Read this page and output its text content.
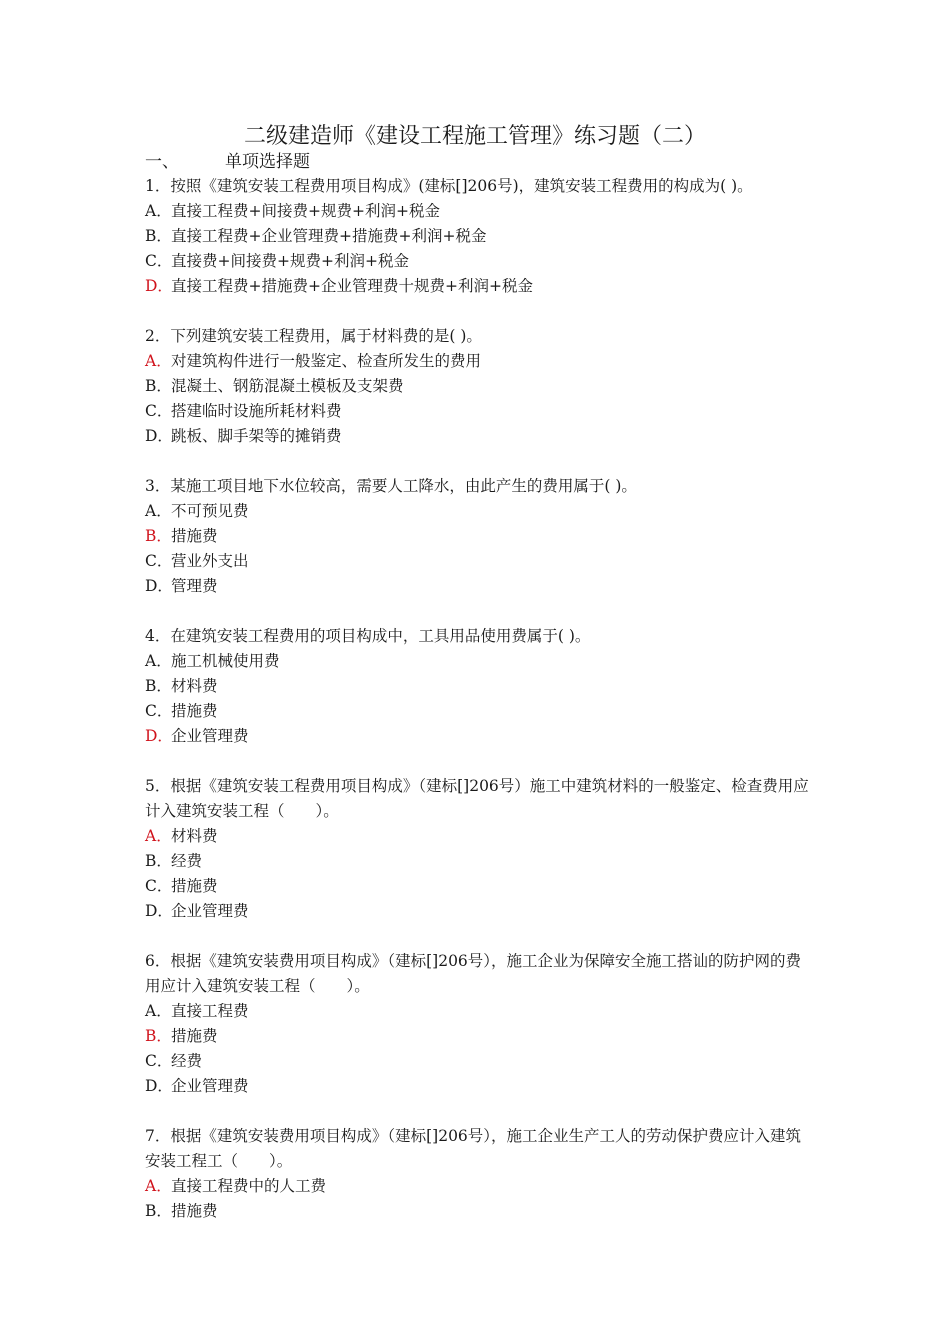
二级建造师《建设工程施工管理》练习题（二）
一、	单项选择题

1．按照《建筑安装工程费用项目构成》(建标[]206号)，建筑安装工程费用的构成为( )。

A．直接工程费+间接费+规费+利润+税金

B．直接工程费+企业管理费+措施费+利润+税金

C．直接费+间接费+规费+利润+税金

D．直接工程费+措施费+企业管理费十规费+利润+税金

2．下列建筑安装工程费用，属于材料费的是( )。

A．对建筑构件进行一般鉴定、检查所发生的费用

B．混凝土、钢筋混凝土模板及支架费

C．搭建临时设施所耗材料费

D．跳板、脚手架等的摊销费

3．某施工项目地下水位较高，需要人工降水，由此产生的费用属于( )。

A．不可预见费

B．措施费

C．营业外支出

D．管理费

4．在建筑安装工程费用的项目构成中，工具用品使用费属于( )。

A．施工机械使用费

B．材料费

C．措施费

D．企业管理费

5．根据《建筑安装工程费用项目构成》（建标[]206号）施工中建筑材料的一般鉴定、检查费用应计入建筑安装工程（　　）。

A．材料费

B．经费

C．措施费

D．企业管理费

6．根据《建筑安装费用项目构成》（建标[]206号），施工企业为保障安全施工搭讪的防护网的费用应计入建筑安装工程（　　）。

A．直接工程费

B．措施费

C．经费

D．企业管理费

7．根据《建筑安装费用项目构成》（建标[]206号），施工企业生产工人的劳动保护费应计入建筑安装工程工（　　）。

A．直接工程费中的人工费

B．措施费
